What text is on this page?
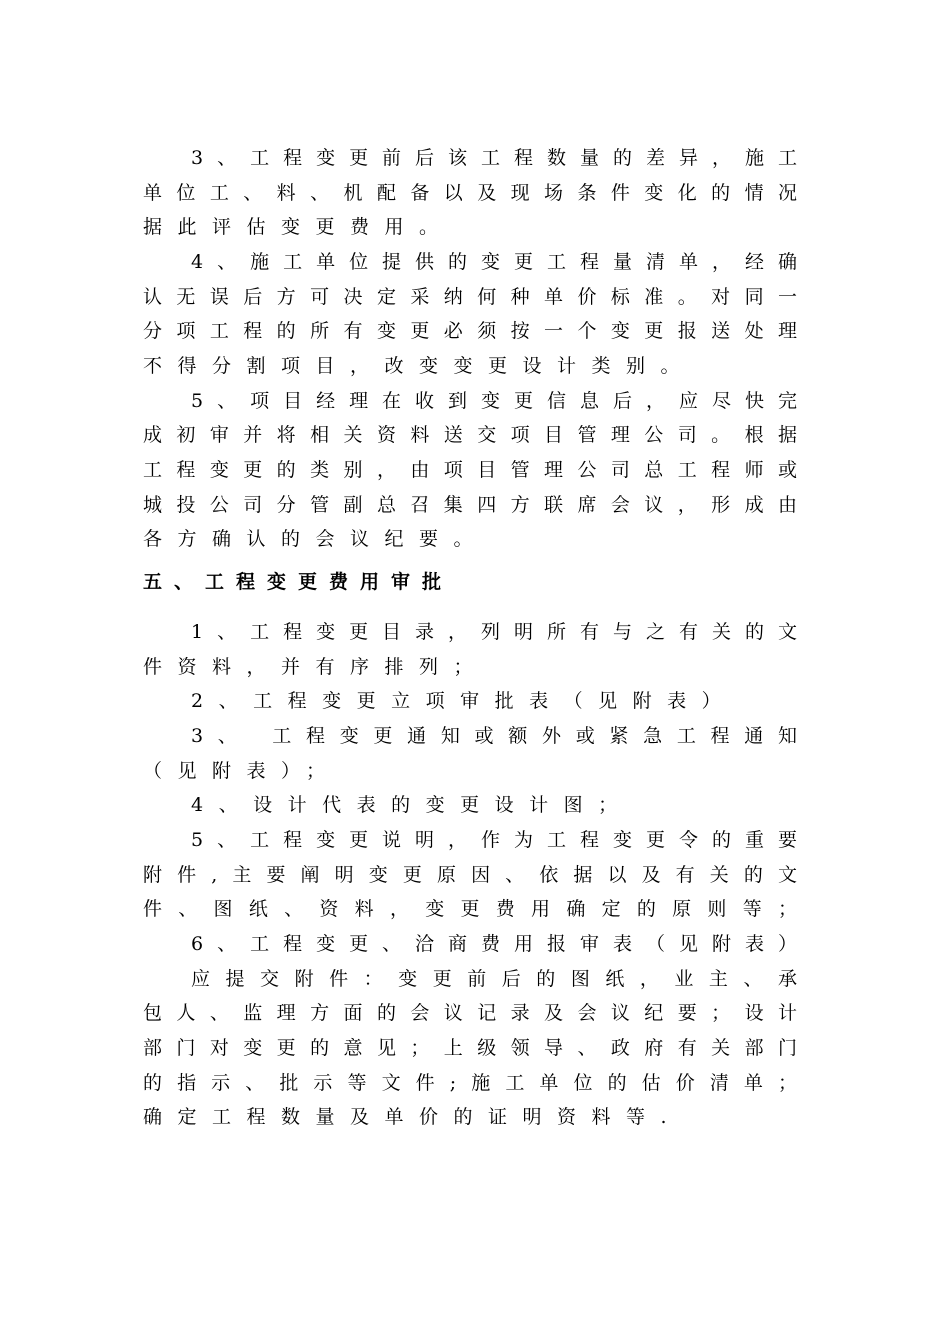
3、工程变更前后该工程数量的差异，施工
单位工、料、机配备以及现场条件变化的情况
据此评估变更费用。
4、施工单位提供的变更工程量清单，经确
认无误后方可决定采纳何种单价标准。对同一
分项工程的所有变更必须按一个变更报送处理
不得分割项目，改变变更设计类别。
5、项目经理在收到变更信息后，应尽快完
成初审并将相关资料送交项目管理公司。根据
工程变更的类别，由项目管理公司总工程师或
城投公司分管副总召集四方联席会议，形成由
各方确认的会议纪要。
1、工程变更目录，列明所有与之有关的文
件资料，并有序排列；
2、工程变更立项审批表（见附表）
3、 工程变更通知或额外或紧急工程通知
（见附表）；
4、设计代表的变更设计图；
5、工程变更说明，作为工程变更令的重要
附件,主要阐明变更原因、依据以及有关的文
件、图纸、资料，变更费用确定的原则等；
6、工程变更、洽商费用报审表（见附表）
应提交附件：变更前后的图纸，业主、承
包人、监理方面的会议记录及会议纪要；设计
部门对变更的意见；上级领导、政府有关部门
的指示、批示等文件;施工单位的估价清单；
确定工程数量及单价的证明资料等.
五、工程变更费用审批
